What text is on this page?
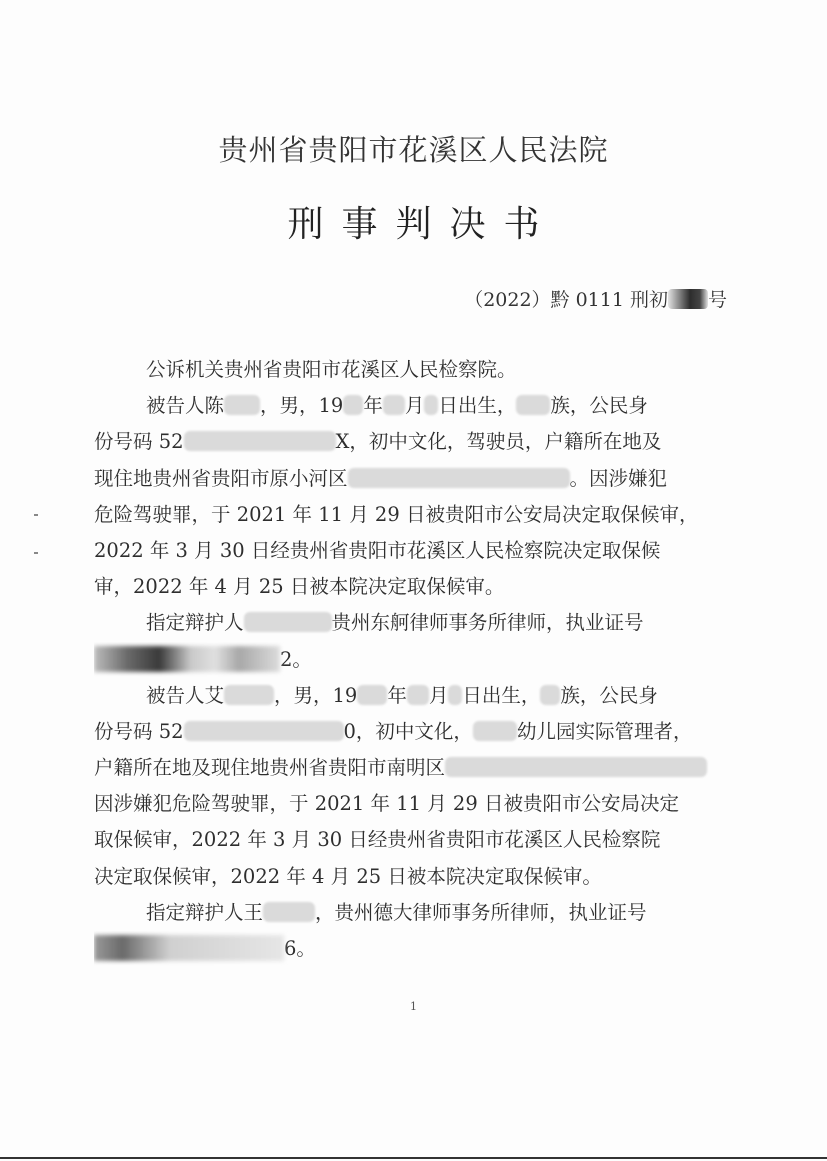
贵州省贵阳市花溪区人民法院
刑事判决书
（2022）黔 0111 刑初 号
公诉机关贵州省贵阳市花溪区人民检察院。
被告人陈 ，男，19 年 月 日出生， 族，公民身
份号码 52	X，初中文化，驾驶员，户籍所在地及
现住地贵州省贵阳市原小河区	。因涉嫌犯
危险驾驶罪，于 2021 年 11 月 29 日被贵阳市公安局决定取保候审，
2022 年 3 月 30 日经贵州省贵阳市花溪区人民检察院决定取保候
审，2022 年 4 月 25 日被本院决定取保候审。
指定辩护人	贵州东舸律师事务所律师，执业证号
2。
被告人艾	，男，19 年 月 日出生， 族，公民身
份号码 52	0，初中文化， 幼儿园实际管理者，
户籍所在地及现住地贵州省贵阳市南明区
因涉嫌犯危险驾驶罪，于 2021 年 11 月 29 日被贵阳市公安局决定
取保候审，2022 年 3 月 30 日经贵州省贵阳市花溪区人民检察院
决定取保候审，2022 年 4 月 25 日被本院决定取保候审。
指定辩护人王	，贵州德大律师事务所律师，执业证号
6。
1
